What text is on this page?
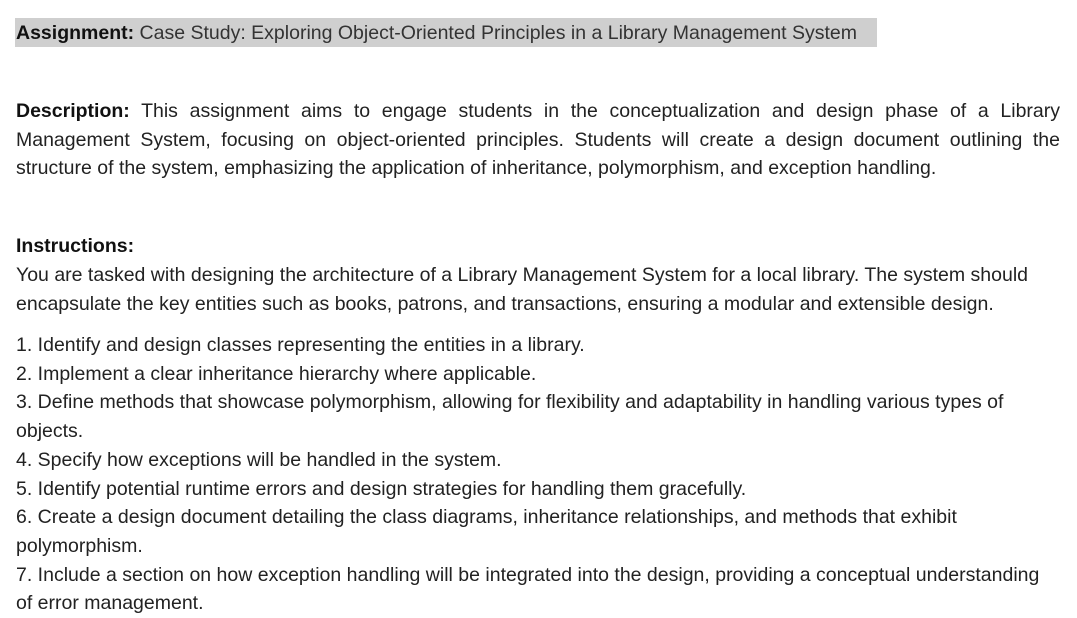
Assignment: Case Study: Exploring Object-Oriented Principles in a Library Management System

Description: This assignment aims to engage students in the conceptualization and design phase of a Library Management System, focusing on object-oriented principles. Students will create a design document outlining the structure of the system, emphasizing the application of inheritance, polymorphism, and exception handling.

Instructions:

You are tasked with designing the architecture of a Library Management System for a local library. The system should encapsulate the key entities such as books, patrons, and transactions, ensuring a modular and extensible design.

1. Identify and design classes representing the entities in a library.
2. Implement a clear inheritance hierarchy where applicable.
3. Define methods that showcase polymorphism, allowing for flexibility and adaptability in handling various types of objects.
4. Specify how exceptions will be handled in the system.
5. Identify potential runtime errors and design strategies for handling them gracefully.
6. Create a design document detailing the class diagrams, inheritance relationships, and methods that exhibit polymorphism.
7. Include a section on how exception handling will be integrated into the design, providing a conceptual understanding of error management.
